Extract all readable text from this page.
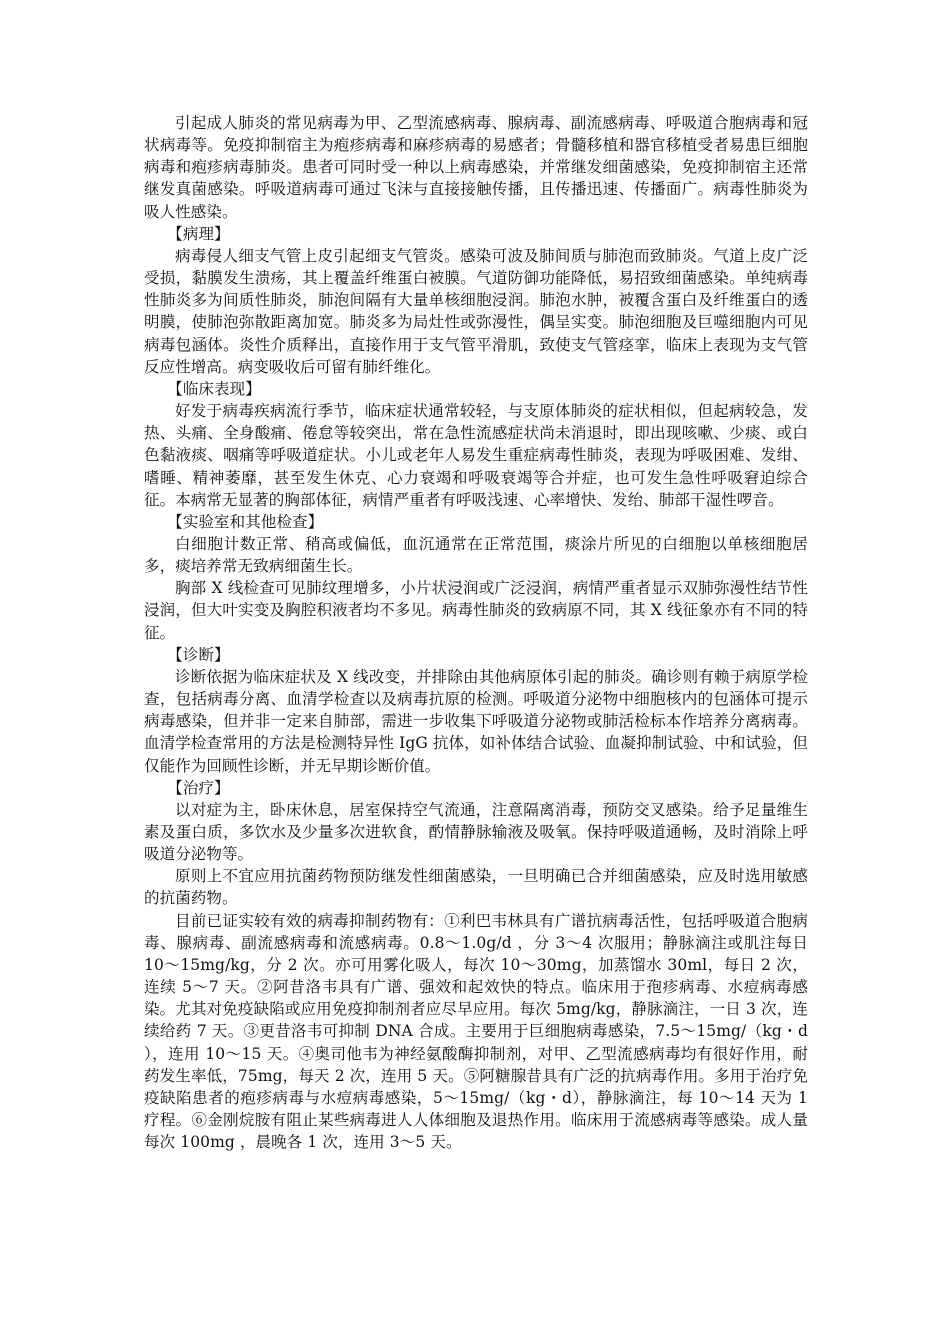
引起成人肺炎的常见病毒为甲、乙型流感病毒、腺病毒、副流感病毒、呼吸道合胞病毒和冠状病毒等。免疫抑制宿主为疱疹病毒和麻疹病毒的易感者；骨髓移植和器官移植受者易患巨细胞病毒和疱疹病毒肺炎。患者可同时受一种以上病毒感染，并常继发细菌感染，免疫抑制宿主还常继发真菌感染。呼吸道病毒可通过飞沫与直接接触传播，且传播迅速、传播面广。病毒性肺炎为吸人性感染。

【病理】

病毒侵人细支气管上皮引起细支气管炎。感染可波及肺间质与肺泡而致肺炎。气道上皮广泛受损，黏膜发生溃疡，其上覆盖纤维蛋白被膜。气道防御功能降低，易招致细菌感染。单纯病毒性肺炎多为间质性肺炎，肺泡间隔有大量单核细胞浸润。肺泡水肿，被覆含蛋白及纤维蛋白的透明膜，使肺泡弥散距离加宽。肺炎多为局灶性或弥漫性，偶呈实变。肺泡细胞及巨噬细胞内可见病毒包涵体。炎性介质释出，直接作用于支气管平滑肌，致使支气管痉挛，临床上表现为支气管反应性增高。病变吸收后可留有肺纤维化。

【临床表现】

好发于病毒疾病流行季节，临床症状通常较轻，与支原体肺炎的症状相似，但起病较急，发热、头痛、全身酸痛、倦怠等较突出，常在急性流感症状尚未消退时，即出现咳嗽、少痰、或白色黏液痰、咽痛等呼吸道症状。小儿或老年人易发生重症病毒性肺炎，表现为呼吸困难、发绀、嗜睡、精神萎靡，甚至发生休克、心力衰竭和呼吸衰竭等合并症，也可发生急性呼吸窘迫综合征。本病常无显著的胸部体征，病情严重者有呼吸浅速、心率增快、发绐、肺部干湿性啰音。

【实验室和其他检查】

白细胞计数正常、稍高或偏低，血沉通常在正常范围，痰涂片所见的白细胞以单核细胞居多，痰培养常无致病细菌生长。

胸部 X 线检查可见肺纹理增多，小片状浸润或广泛浸润，病情严重者显示双肺弥漫性结节性浸润，但大叶实变及胸腔积液者均不多见。病毒性肺炎的致病原不同，其 X 线征象亦有不同的特征。

【诊断】

诊断依据为临床症状及 X 线改变，并排除由其他病原体引起的肺炎。确诊则有赖于病原学检查，包括病毒分离、血清学检查以及病毒抗原的检测。呼吸道分泌物中细胞核内的包涵体可提示病毒感染，但并非一定来自肺部，需进一步收集下呼吸道分泌物或肺活检标本作培养分离病毒。血清学检查常用的方法是检测特异性 IgG 抗体，如补体结合试验、血凝抑制试验、中和试验，但仅能作为回顾性诊断，并无早期诊断价值。

【治疗】

以对症为主，卧床休息，居室保持空气流通，注意隔离消毒，预防交叉感染。给予足量维生素及蛋白质，多饮水及少量多次进软食，酌情静脉输液及吸氧。保持呼吸道通畅，及时消除上呼吸道分泌物等。

原则上不宜应用抗菌药物预防继发性细菌感染，一旦明确已合并细菌感染，应及时选用敏感的抗菌药物。

目前已证实较有效的病毒抑制药物有：①利巴韦林具有广谱抗病毒活性，包括呼吸道合胞病毒、腺病毒、副流感病毒和流感病毒。0.8～1.0g/d ，分 3～4 次服用；静脉滴注或肌注每日 10～15mg/kg，分 2 次。亦可用雾化吸人，每次 10～30mg，加蒸馏水 30ml，每日 2 次，连续 5～7 天。②阿昔洛韦具有广谱、强效和起效快的特点。临床用于孢疹病毒、水痘病毒感染。尤其对免疫缺陷或应用免疫抑制剂者应尽早应用。每次 5mg/kg，静脉滴注，一日 3 次，连续给药 7 天。③更昔洛韦可抑制 DNA 合成。主要用于巨细胞病毒感染，7.5～15mg/（kg・d ），连用 10～15 天。④奥司他韦为神经氨酸酶抑制剂，对甲、乙型流感病毒均有很好作用，耐药发生率低，75mg，每天 2 次，连用 5 天。⑤阿糖腺昔具有广泛的抗病毒作用。多用于治疗免疫缺陷患者的疱疹病毒与水痘病毒感染，5～15mg/（kg・d），静脉滴注，每 10～14 天为 1 疗程。⑥金刚烷胺有阻止某些病毒进人人体细胞及退热作用。临床用于流感病毒等感染。成人量每次 100mg ，晨晚各 1 次，连用 3～5 天。
